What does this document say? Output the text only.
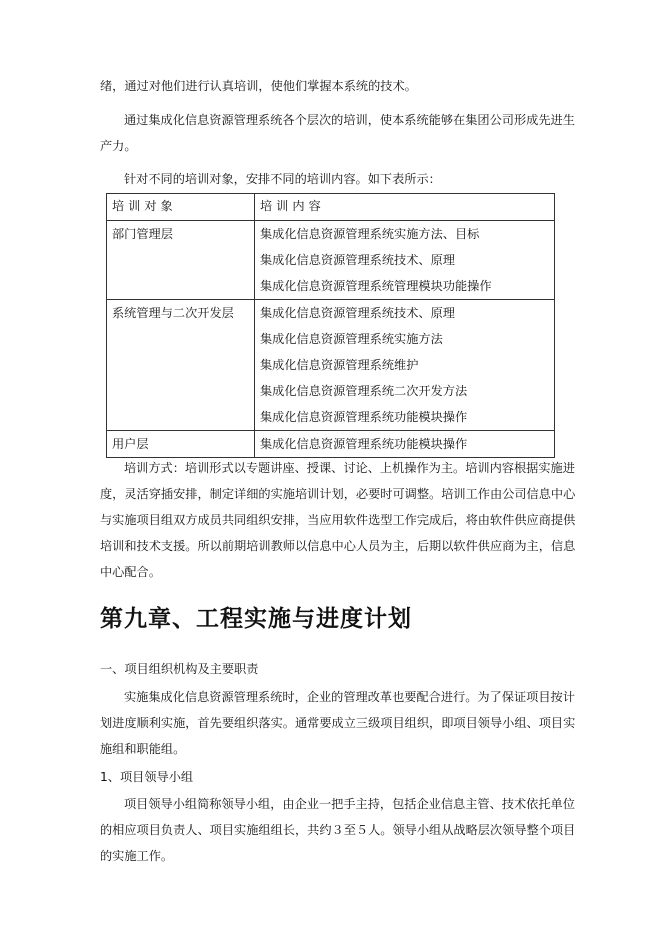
绪，通过对他们进行认真培训，使他们掌握本系统的技术。
通过集成化信息资源管理系统各个层次的培训，使本系统能够在集团公司形成先进生
产力。
针对不同的培训对象，安排不同的培训内容。如下表所示：
培训对象	培训内容
部门管理层	集成化信息资源管理系统实施方法、目标
集成化信息资源管理系统技术、原理
集成化信息资源管理系统管理模块功能操作

系统管理与二次开发层	集成化信息资源管理系统技术、原理
集成化信息资源管理系统实施方法
集成化信息资源管理系统维护
集成化信息资源管理系统二次开发方法
集成化信息资源管理系统功能模块操作

用户层	集成化信息资源管理系统功能模块操作
培训方式：培训形式以专题讲座、授课、讨论、上机操作为主。培训内容根据实施进
度，灵活穿插安排，制定详细的实施培训计划，必要时可调整。培训工作由公司信息中心
与实施项目组双方成员共同组织安排，当应用软件选型工作完成后，将由软件供应商提供
培训和技术支援。所以前期培训教师以信息中心人员为主，后期以软件供应商为主，信息
中心配合。
第九章、工程实施与进度计划
一、项目组织机构及主要职责
实施集成化信息资源管理系统时，企业的管理改革也要配合进行。为了保证项目按计
划进度顺利实施，首先要组织落实。通常要成立三级项目组织，即项目领导小组、项目实
施组和职能组。
1、项目领导小组
项目领导小组简称领导小组，由企业一把手主持，包括企业信息主管、技术依托单位
的相应项目负责人、项目实施组组长，共约３至５人。领导小组从战略层次领导整个项目
的实施工作。
